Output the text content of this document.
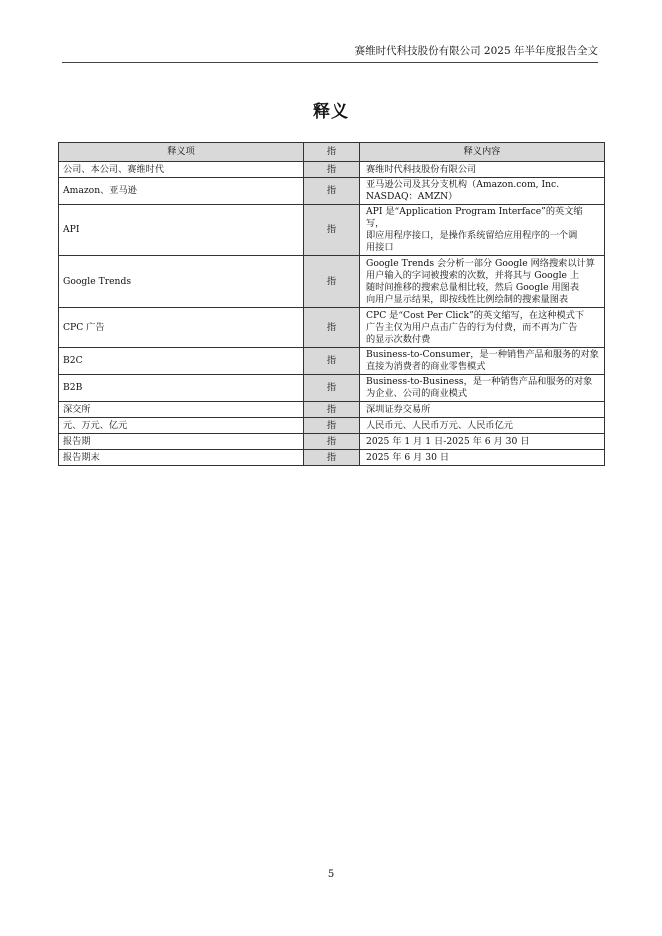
赛维时代科技股份有限公司 2025 年半年度报告全文
释义
释义项	指	释义内容
公司、本公司、赛维时代	指	赛维时代科技股份有限公司

Amazon、亚马逊	指	亚马逊公司及其分支机构（Amazon.com, Inc.
NASDAQ：AMZN）

API	指	API 是“Application Program Interface”的英文缩写，
即应用程序接口，是操作系统留给应用程序的一个调
用接口

Google Trends	指	Google Trends 会分析一部分 Google 网络搜索以计算
用户输入的字词被搜索的次数，并将其与 Google 上
随时间推移的搜索总量相比较，然后 Google 用图表
向用户显示结果，即按线性比例绘制的搜索量图表

CPC 广告	指	CPC 是“Cost Per Click”的英文缩写，在这种模式下
广告主仅为用户点击广告的行为付费，而不再为广告
的显示次数付费

B2C	指	Business-to-Consumer，是一种销售产品和服务的对象
直接为消费者的商业零售模式

B2B	指	Business-to-Business，是一种销售产品和服务的对象
为企业、公司的商业模式

深交所	指	深圳证券交易所

元、万元、亿元	指	人民币元、人民币万元、人民币亿元

报告期	指	2025 年 1 月 1 日-2025 年 6 月 30 日

报告期末	指	2025 年 6 月 30 日
5
